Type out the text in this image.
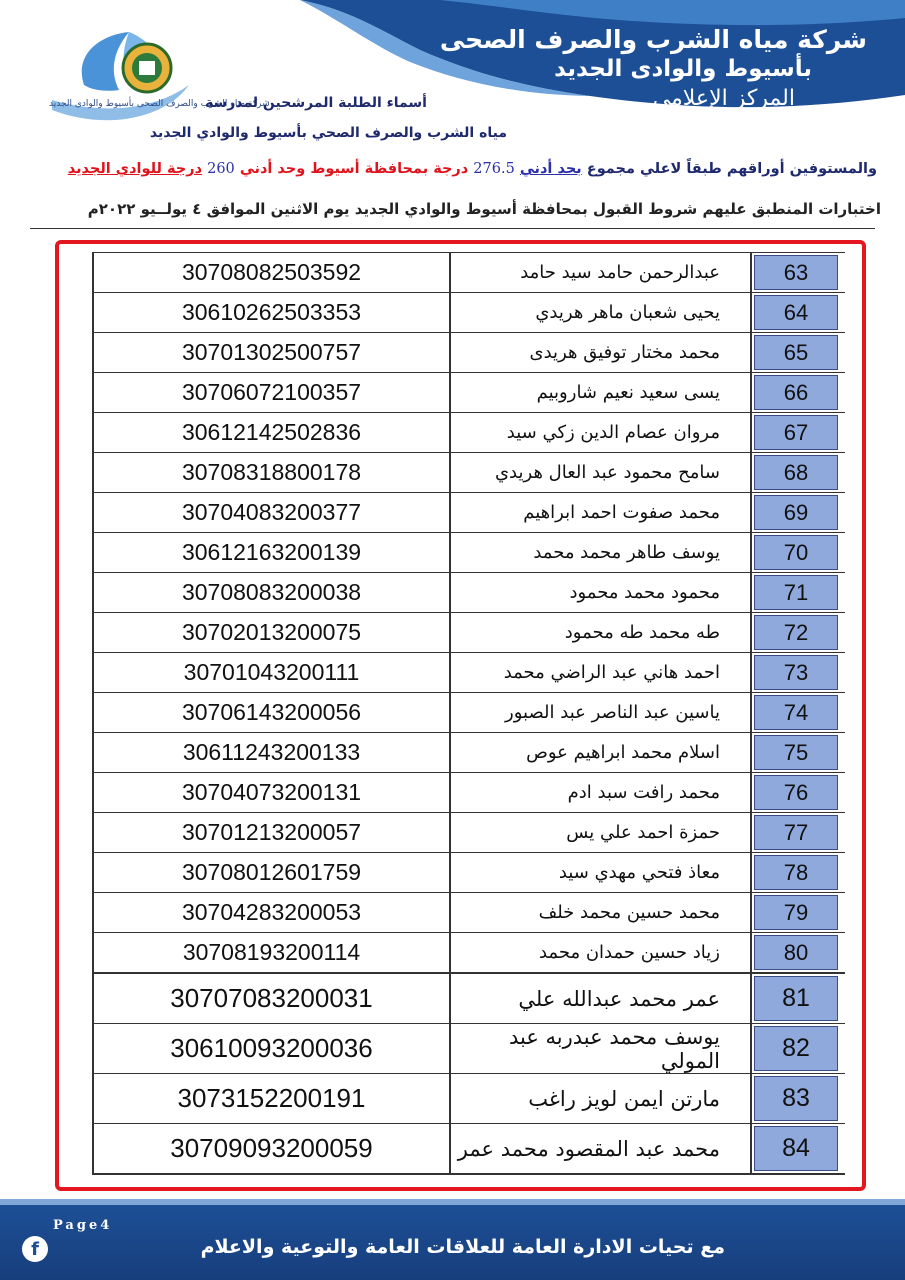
شركة مياه الشرب والصرف الصحى بأسيوط والوادى الجديد
شركة مياه الشرب والصرف الصحى
بأسيوط والوادى الجديد
المركز الإعلامي
أسماء الطلبة المرشحين لمدرسة
مياه الشرب والصرف الصحي بأسيوط والوادي الجديد
والمستوفين أوراقهم طبقاً لاعلي مجموع بحد أدني 276.5 درجة بمحافظة أسيوط وحد أدني 260 درجة للوادي الجديد
اختبارات المنطبق عليهم شروط القبول بمحافظة أسيوط والوادي الجديد يوم الاثنين الموافق ٤ يولــيو ٢٠٢٢م
30708082503592	عبدالرحمن حامد سيد حامد	63
30610262503353	يحيى شعبان ماهر هريدي	64
30701302500757	محمد مختار توفيق هريدى	65
30706072100357	يسى سعيد نعيم شاروبيم	66
30612142502836	مروان عصام الدين زكي سيد	67
30708318800178	سامح محمود عبد العال هريدي	68
30704083200377	محمد صفوت احمد ابراهيم	69
30612163200139	يوسف طاهر محمد محمد	70
30708083200038	محمود محمد محمود	71
30702013200075	طه محمد طه محمود	72
30701043200111	احمد هاني عبد الراضي محمد	73
30706143200056	ياسين عبد الناصر عبد الصبور	74
30611243200133	اسلام محمد ابراهيم عوص	75
30704073200131	محمد رافت سبد ادم	76
30701213200057	حمزة احمد علي يس	77
30708012601759	معاذ فتحي مهدي سيد	78
30704283200053	محمد حسين محمد خلف	79
30708193200114	زياد حسين حمدان محمد	80
30707083200031	عمر محمد عبدالله علي	81
30610093200036	يوسف محمد عبدربه عبد المولي	82
3073152200191	مارتن ايمن لويز راغب	83
30709093200059	محمد عبد المقصود محمد عمر	84
Page4
f	مع تحيات الادارة العامة للعلاقات العامة والتوعية والاعلام
